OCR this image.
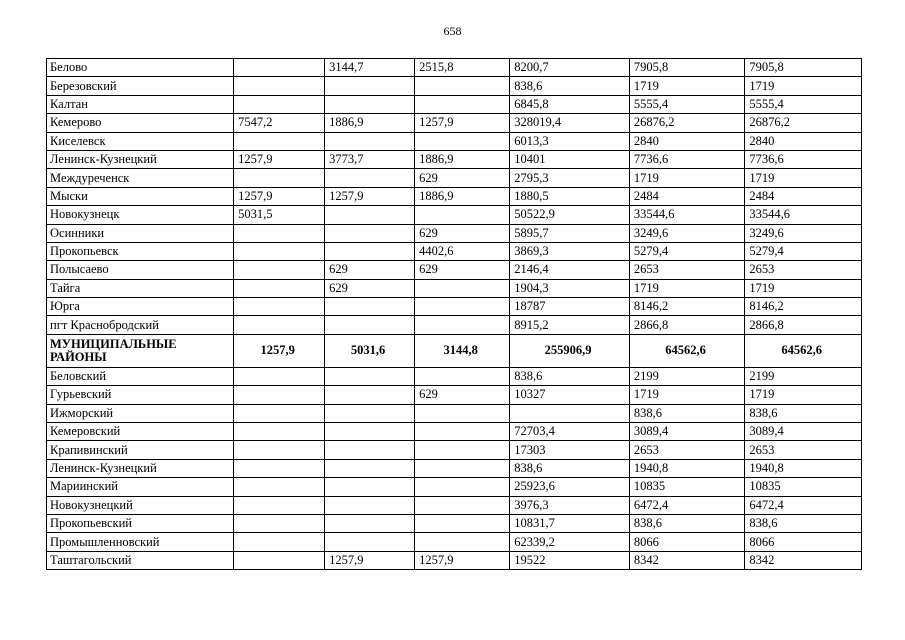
658
Белово		3144,7	2515,8	8200,7	7905,8	7905,8
Березовский				838,6	1719	1719
Калтан				6845,8	5555,4	5555,4
Кемерово	7547,2	1886,9	1257,9	328019,4	26876,2	26876,2
Киселевск				6013,3	2840	2840
Ленинск-Кузнецкий	1257,9	3773,7	1886,9	10401	7736,6	7736,6
Междуреченск			629	2795,3	1719	1719
Мыски	1257,9	1257,9	1886,9	1880,5	2484	2484
Новокузнецк	5031,5			50522,9	33544,6	33544,6
Осинники			629	5895,7	3249,6	3249,6
Прокопьевск			4402,6	3869,3	5279,4	5279,4
Полысаево		629	629	2146,4	2653	2653
Тайга		629		1904,3	1719	1719
Юрга				18787	8146,2	8146,2
пгт Краснобродский				8915,2	2866,8	2866,8
МУНИЦИПАЛЬНЫЕ РАЙОНЫ	1257,9	5031,6	3144,8	255906,9	64562,6	64562,6
Беловский				838,6	2199	2199
Гурьевский			629	10327	1719	1719
Ижморский					838,6	838,6
Кемеровский				72703,4	3089,4	3089,4
Крапивинский				17303	2653	2653
Ленинск-Кузнецкий				838,6	1940,8	1940,8
Мариинский				25923,6	10835	10835
Новокузнецкий				3976,3	6472,4	6472,4
Прокопьевский				10831,7	838,6	838,6
Промышленновский				62339,2	8066	8066
Таштагольский		1257,9	1257,9	19522	8342	8342
